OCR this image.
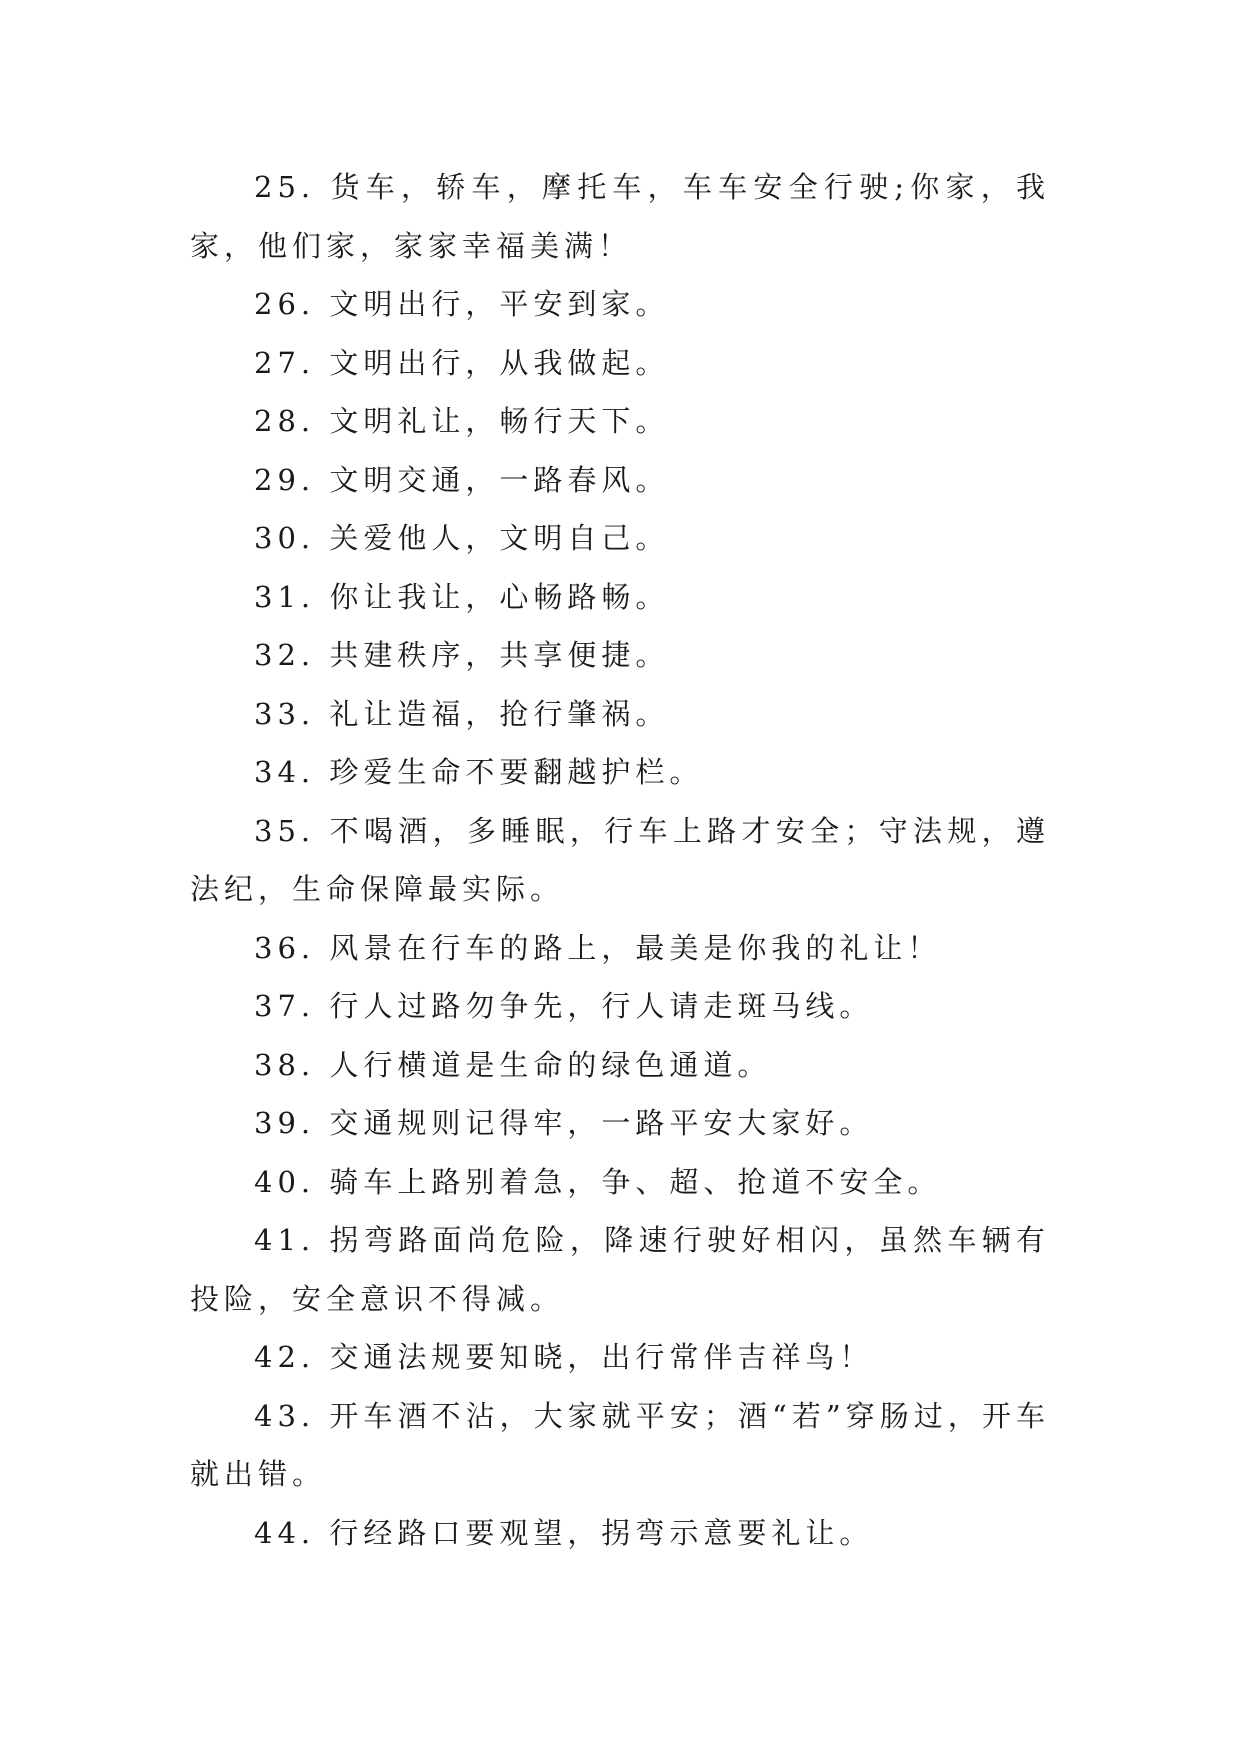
25. 货车，轿车，摩托车，车车安全行驶;你家，我家，他们家，家家幸福美满！

26. 文明出行，平安到家。

27. 文明出行，从我做起。

28. 文明礼让，畅行天下。

29. 文明交通，一路春风。

30. 关爱他人，文明自己。

31. 你让我让，心畅路畅。

32. 共建秩序，共享便捷。

33. 礼让造福，抢行肇祸。

34. 珍爱生命不要翻越护栏。

35. 不喝酒，多睡眠，行车上路才安全；守法规，遵法纪，生命保障最实际。

36. 风景在行车的路上，最美是你我的礼让！

37. 行人过路勿争先，行人请走斑马线。

38. 人行横道是生命的绿色通道。

39. 交通规则记得牢，一路平安大家好。

40. 骑车上路别着急，争、超、抢道不安全。

41. 拐弯路面尚危险，降速行驶好相闪，虽然车辆有投险，安全意识不得减。

42. 交通法规要知晓，出行常伴吉祥鸟！

43. 开车酒不沾，大家就平安；酒“若”穿肠过，开车就出错。

44. 行经路口要观望，拐弯示意要礼让。
